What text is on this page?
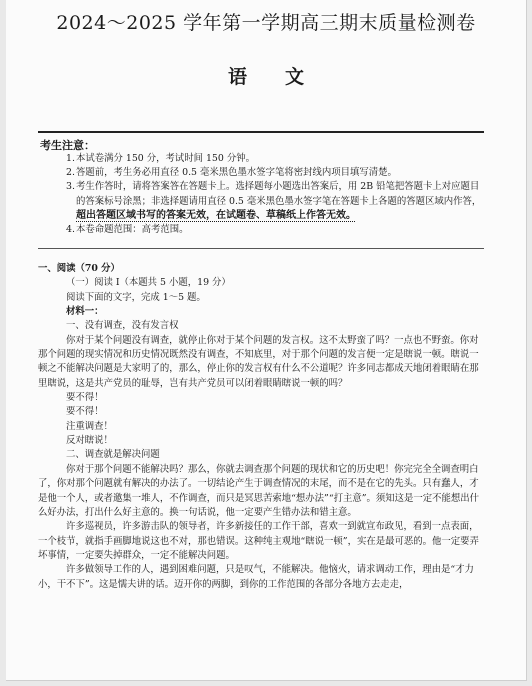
2024～2025 学年第一学期高三期末质量检测卷
语文
考生注意：
1. 本试卷满分 150 分，考试时间 150 分钟。
2. 答题前，考生务必用直径 0.5 毫米黑色墨水签字笔将密封线内项目填写清楚。
3. 考生作答时，请将答案答在答题卡上。选择题每小题选出答案后，用 2B 铅笔把答题卡上对应题目的答案标号涂黑；非选择题请用直径 0.5 毫米黑色墨水签字笔在答题卡上各题的答题区域内作答，超出答题区域书写的答案无效，在试题卷、草稿纸上作答无效。
4. 本卷命题范围：高考范围。

一、阅读（70 分）

（一）阅读 Ⅰ（本题共 5 小题，19 分）

阅读下面的文字，完成 1～5 题。

材料一：

一、没有调查，没有发言权

你对于某个问题没有调查，就停止你对于某个问题的发言权。这不太野蛮了吗？一点也不野蛮。你对那个问题的现实情况和历史情况既然没有调查，不知底里，对于那个问题的发言便一定是瞎说一顿。瞎说一顿之不能解决问题是大家明了的，那么，停止你的发言权有什么不公道呢？许多同志都成天地闭着眼睛在那里瞎说，这是共产党员的耻辱，岂有共产党员可以闭着眼睛瞎说一顿的吗？

要不得！

要不得！

注重调查！

反对瞎说！

二、调查就是解决问题

你对于那个问题不能解决吗？那么，你就去调查那个问题的现状和它的历史吧！你完完全全调查明白了，你对那个问题就有解决的办法了。一切结论产生于调查情况的末尾，而不是在它的先头。只有蠢人，才是他一个人，或者邀集一堆人，不作调查，而只是冥思苦索地“想办法”“打主意”。须知这是一定不能想出什么好办法，打出什么好主意的。换一句话说，他一定要产生错办法和错主意。

许多巡视员，许多游击队的领导者，许多新接任的工作干部，喜欢一到就宣布政见，看到一点表面，一个枝节，就指手画脚地说这也不对，那也错误。这种纯主观地“瞎说一顿”，实在是最可恶的。他一定要弄坏事情，一定要失掉群众，一定不能解决问题。

许多做领导工作的人，遇到困难问题，只是叹气，不能解决。他恼火，请求调动工作，理由是“才力小，干不下”。这是懦夫讲的话。迈开你的两脚，到你的工作范围的各部分各地方去走走，
